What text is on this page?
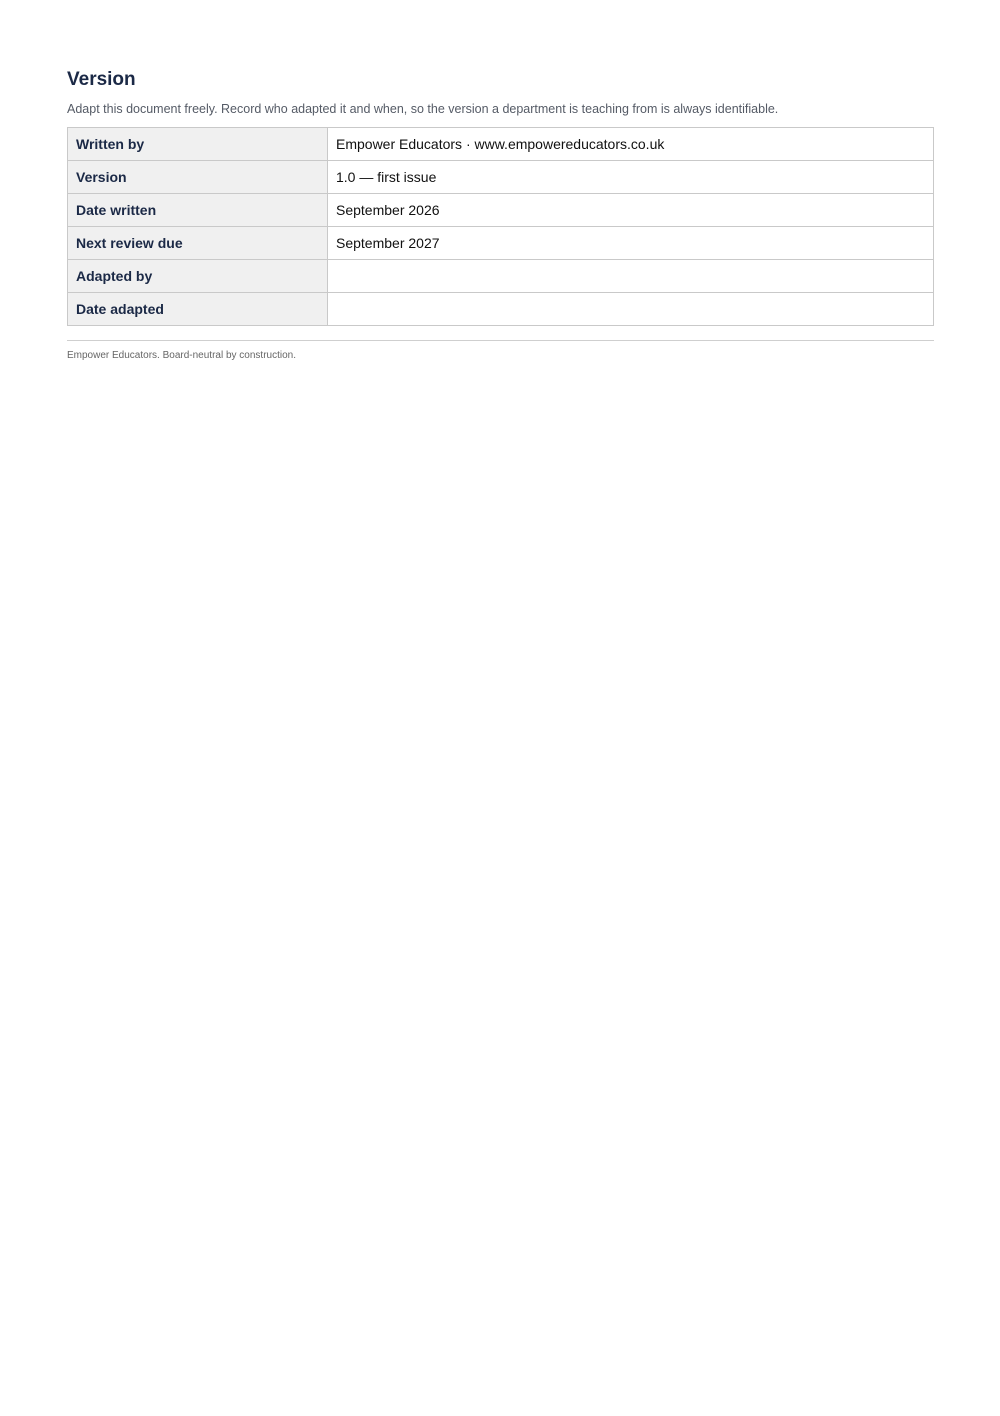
Version

Adapt this document freely. Record who adapted it and when, so the version a department is teaching from is always identifiable.

Written by	Empower Educators · www.empowereducators.co.uk
Version	1.0 — first issue
Date written	September 2026
Next review due	September 2027
Adapted by	
Date adapted	
Empower Educators. Board-neutral by construction.
